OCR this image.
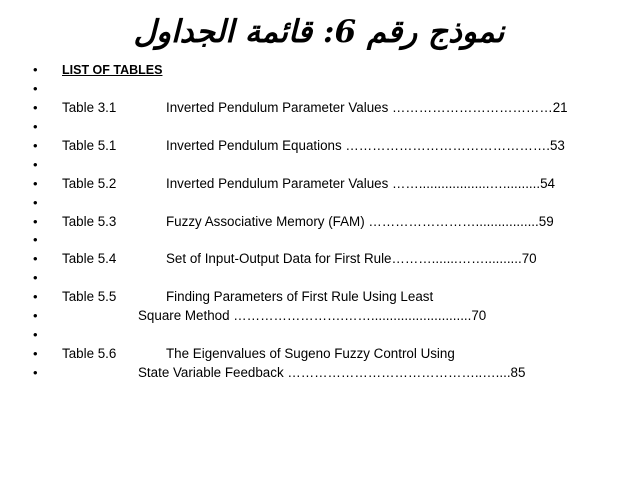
نموذج رقم 6: قائمة الجداول
• LIST OF TABLES
•
• Table 3.1	Inverted Pendulum Parameter Values ………………………………21
•
• Table 5.1	Inverted Pendulum Equations ……………………………………….53
•
• Table 5.2	Inverted Pendulum Parameter Values ……...................…..........54
•
• Table 5.3	Fuzzy Associative Memory (FAM) …………………….................59
•
• Table 5.4	Set of Input-Output Data for First Rule……….......……..........70
•
• Table 5.5	Finding Parameters of First Rule Using Least
•	Square Method …………………….……...........................70
•
• Table 5.6	The Eigenvalues of Sugeno Fuzzy Control Using
•	State Variable Feedback ……………………………………..…....85
